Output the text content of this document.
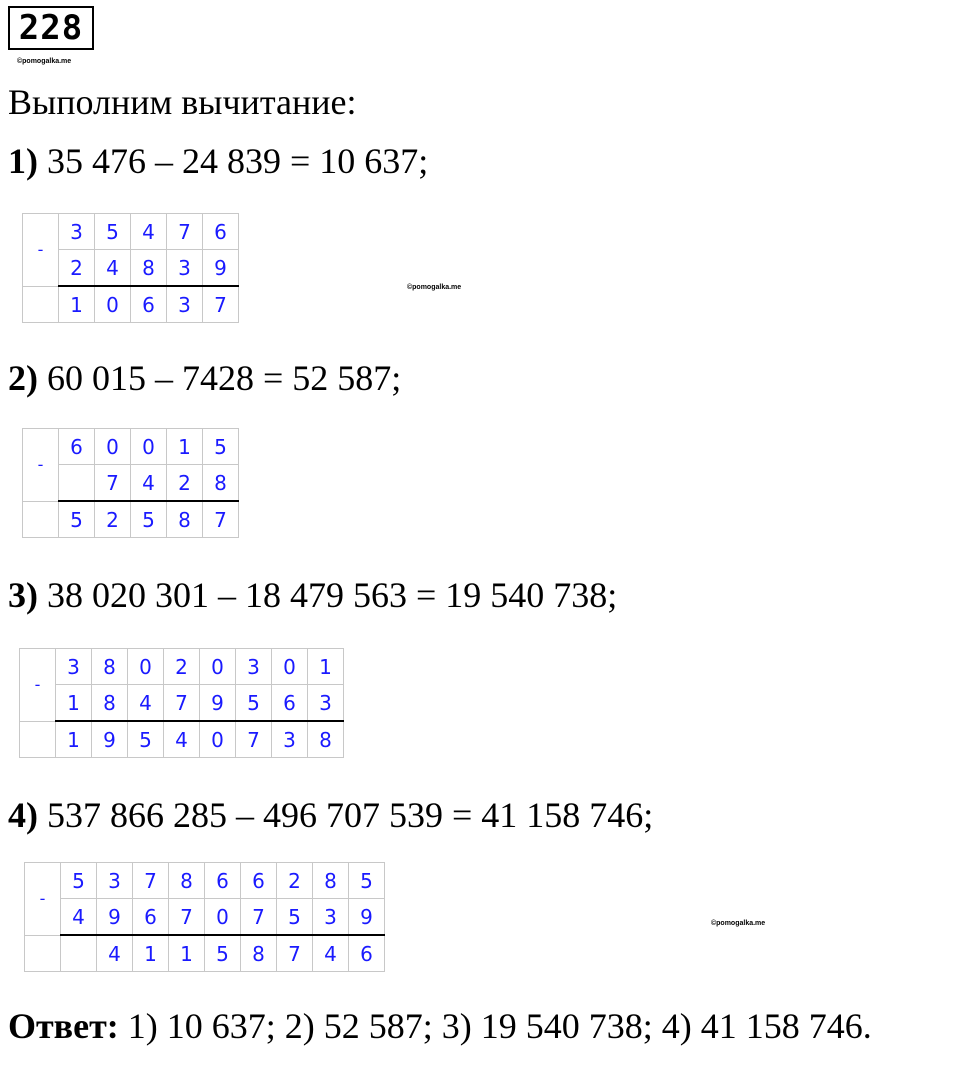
228
©pomogalka.me
Выполним вычитание:
1) 35 476 – 24 839 = 10 637;
-	3	5	4	7	6
	2	4	8	3	9
	1	0	6	3	7
©pomogalka.me
2) 60 015 – 7428 = 52 587;
-	6	0	0	1	5
		7	4	2	8
	5	2	5	8	7
3) 38 020 301 – 18 479 563 = 19 540 738;
-	3	8	0	2	0	3	0	1
	1	8	4	7	9	5	6	3
	1	9	5	4	0	7	3	8
4) 537 866 285 – 496 707 539 = 41 158 746;
-	5	3	7	8	6	6	2	8	5
	4	9	6	7	0	7	5	3	9
		4	1	1	5	8	7	4	6
©pomogalka.me
Ответ: 1) 10 637; 2) 52 587; 3) 19 540 738; 4) 41 158 746.
